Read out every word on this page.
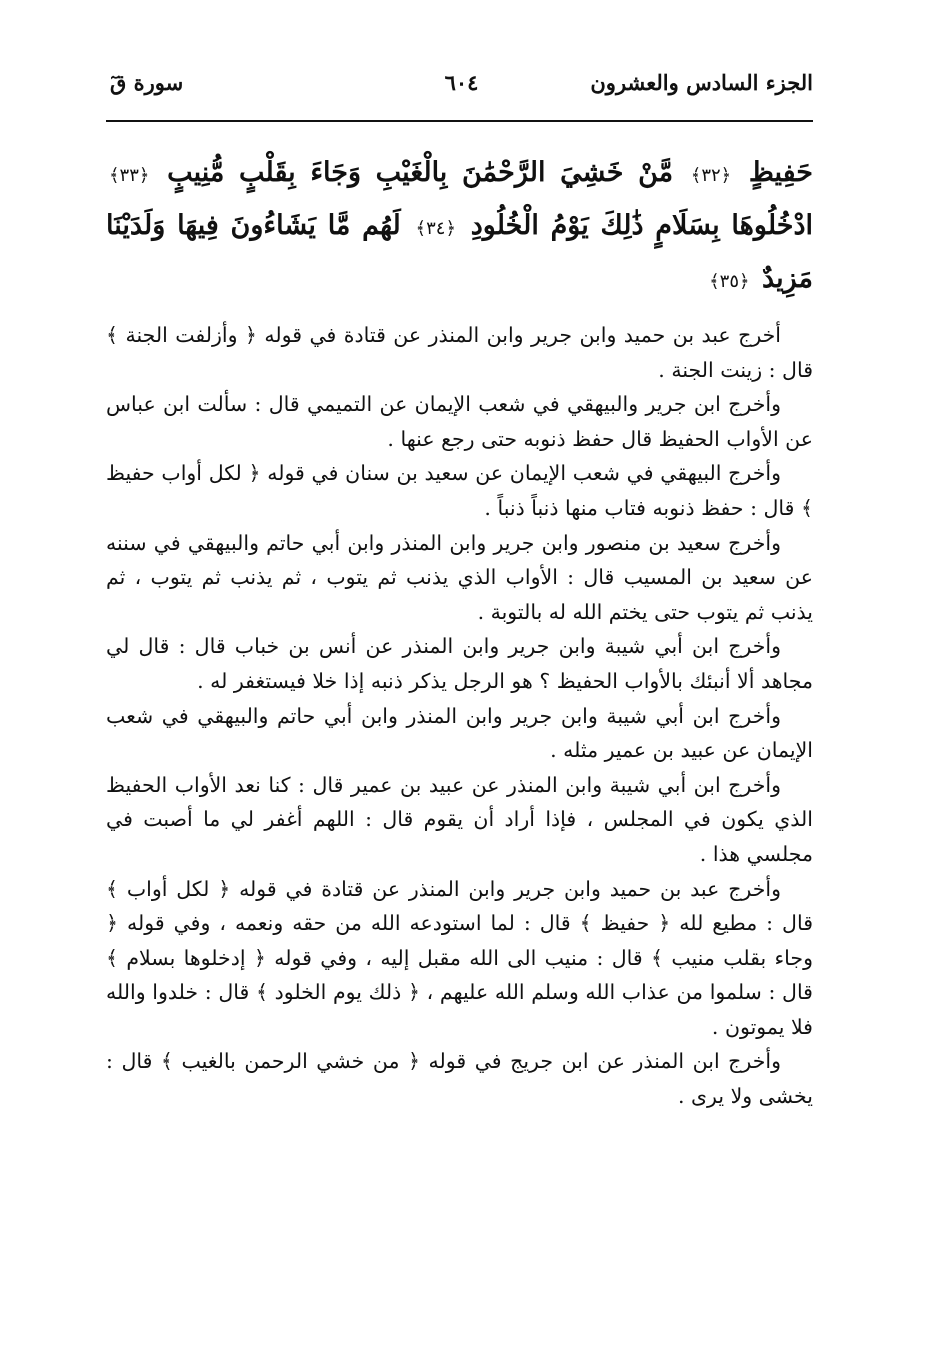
الجزء السادس والعشرون
٦٠٤
سورة قٓ
حَفِيظٍ ﴿٣٢﴾ مَّنْ خَشِيَ الرَّحْمَٰنَ بِالْغَيْبِ وَجَاءَ بِقَلْبٍ مُّنِيبٍ ﴿٣٣﴾ ادْخُلُوهَا بِسَلَامٍ ذَٰلِكَ يَوْمُ الْخُلُودِ ﴿٣٤﴾ لَهُم مَّا يَشَاءُونَ فِيهَا وَلَدَيْنَا مَزِيدٌ ﴿٣٥﴾

أخرج عبد بن حميد وابن جرير وابن المنذر عن قتادة في قوله ﴿ وأزلفت الجنة ﴾ قال : زينت الجنة .

وأخرج ابن جرير والبيهقي في شعب الإيمان عن التميمي قال : سألت ابن عباس عن الأواب الحفيظ قال حفظ ذنوبه حتى رجع عنها .

وأخرج البيهقي في شعب الإيمان عن سعيد بن سنان في قوله ﴿ لكل أواب حفيظ ﴾ قال : حفظ ذنوبه فتاب منها ذنباً ذنباً .

وأخرج سعيد بن منصور وابن جرير وابن المنذر وابن أبي حاتم والبيهقي في سننه عن سعيد بن المسيب قال : الأواب الذي يذنب ثم يتوب ، ثم يذنب ثم يتوب ، ثم يذنب ثم يتوب حتى يختم الله له بالتوبة .

وأخرج ابن أبي شيبة وابن جرير وابن المنذر عن أنس بن خباب قال : قال لي مجاهد ألا أنبئك بالأواب الحفيظ ؟ هو الرجل يذكر ذنبه إذا خلا فيستغفر له .

وأخرج ابن أبي شيبة وابن جرير وابن المنذر وابن أبي حاتم والبيهقي في شعب الإيمان عن عبيد بن عمير مثله .

وأخرج ابن أبي شيبة وابن المنذر عن عبيد بن عمير قال : كنا نعد الأواب الحفيظ الذي يكون في المجلس ، فإذا أراد أن يقوم قال : اللهم أغفر لي ما أصبت في مجلسي هذا .

وأخرج عبد بن حميد وابن جرير وابن المنذر عن قتادة في قوله ﴿ لكل أواب ﴾ قال : مطيع لله ﴿ حفيظ ﴾ قال : لما استودعه الله من حقه ونعمه ، وفي قوله ﴿ وجاء بقلب منيب ﴾ قال : منيب الى الله مقبل إليه ، وفي قوله ﴿ إدخلوها بسلام ﴾ قال : سلموا من عذاب الله وسلم الله عليهم ، ﴿ ذلك يوم الخلود ﴾ قال : خلدوا والله فلا يموتون .

وأخرج ابن المنذر عن ابن جريج في قوله ﴿ من خشي الرحمن بالغيب ﴾ قال : يخشى ولا يرى .
